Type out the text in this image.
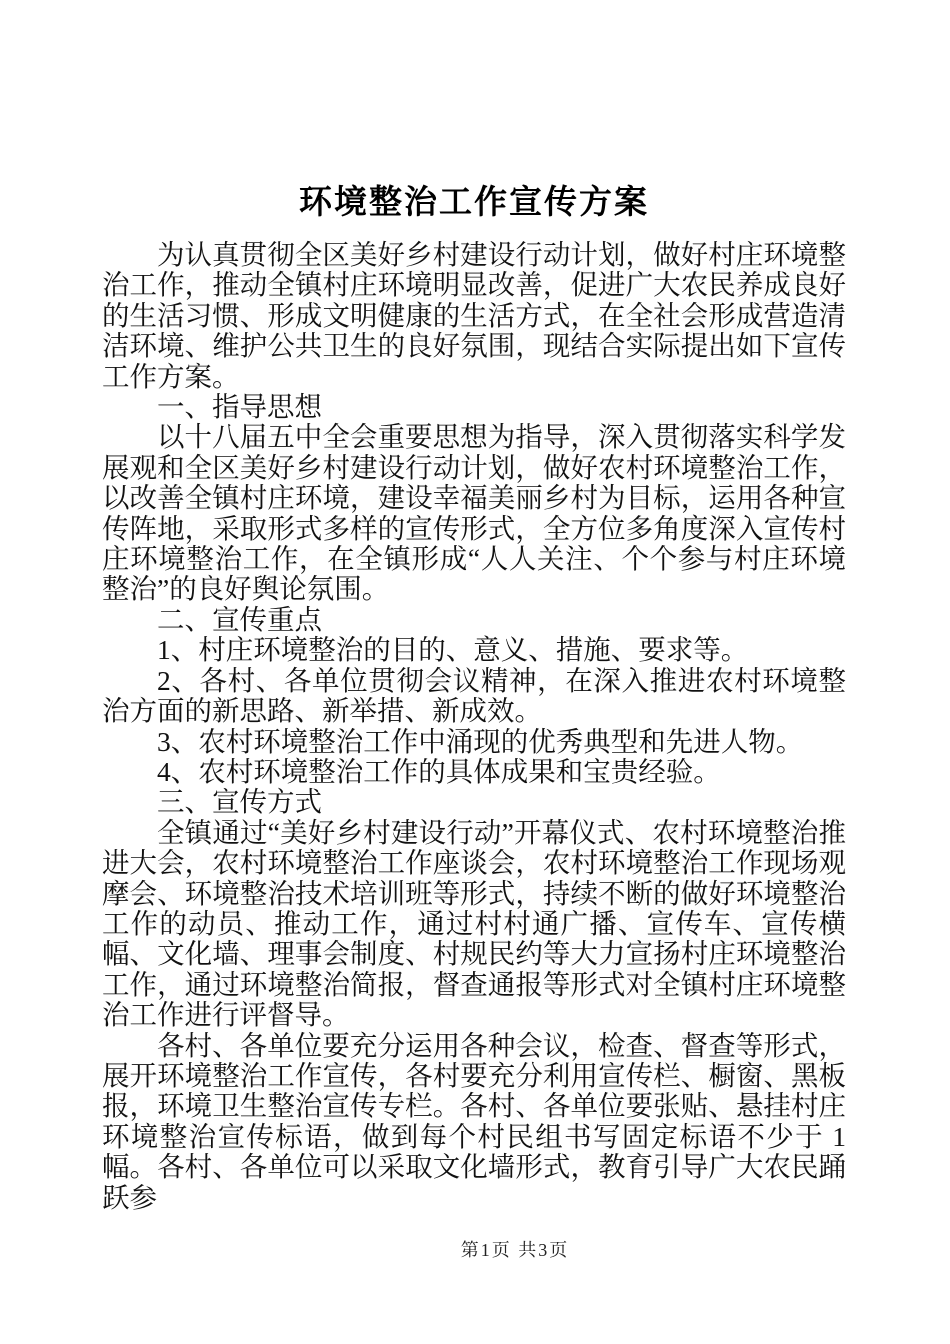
环境整治工作宣传方案

为认真贯彻全区美好乡村建设行动计划，做好村庄环境整治工作，推动全镇村庄环境明显改善，促进广大农民养成良好的生活习惯、形成文明健康的生活方式，在全社会形成营造清洁环境、维护公共卫生的良好氛围，现结合实际提出如下宣传工作方案。

一、指导思想

以十八届五中全会重要思想为指导，深入贯彻落实科学发展观和全区美好乡村建设行动计划，做好农村环境整治工作，以改善全镇村庄环境，建设幸福美丽乡村为目标，运用各种宣传阵地，采取形式多样的宣传形式，全方位多角度深入宣传村庄环境整治工作，在全镇形成“人人关注、个个参与村庄环境整治”的良好舆论氛围。

二、宣传重点

1、村庄环境整治的目的、意义、措施、要求等。

2、各村、各单位贯彻会议精神，在深入推进农村环境整治方面的新思路、新举措、新成效。

3、农村环境整治工作中涌现的优秀典型和先进人物。

4、农村环境整治工作的具体成果和宝贵经验。

三、宣传方式

全镇通过“美好乡村建设行动”开幕仪式、农村环境整治推进大会，农村环境整治工作座谈会，农村环境整治工作现场观摩会、环境整治技术培训班等形式，持续不断的做好环境整治工作的动员、推动工作，通过村村通广播、宣传车、宣传横幅、文化墙、理事会制度、村规民约等大力宣扬村庄环境整治工作，通过环境整治简报，督查通报等形式对全镇村庄环境整治工作进行评督导。

各村、各单位要充分运用各种会议，检查、督查等形式，展开环境整治工作宣传，各村要充分利用宣传栏、橱窗、黑板报，环境卫生整治宣传专栏。各村、各单位要张贴、悬挂村庄环境整治宣传标语，做到每个村民组书写固定标语不少于 1 幅。各村、各单位可以采取文化墙形式，教育引导广大农民踊跃参

第1页 共3页
